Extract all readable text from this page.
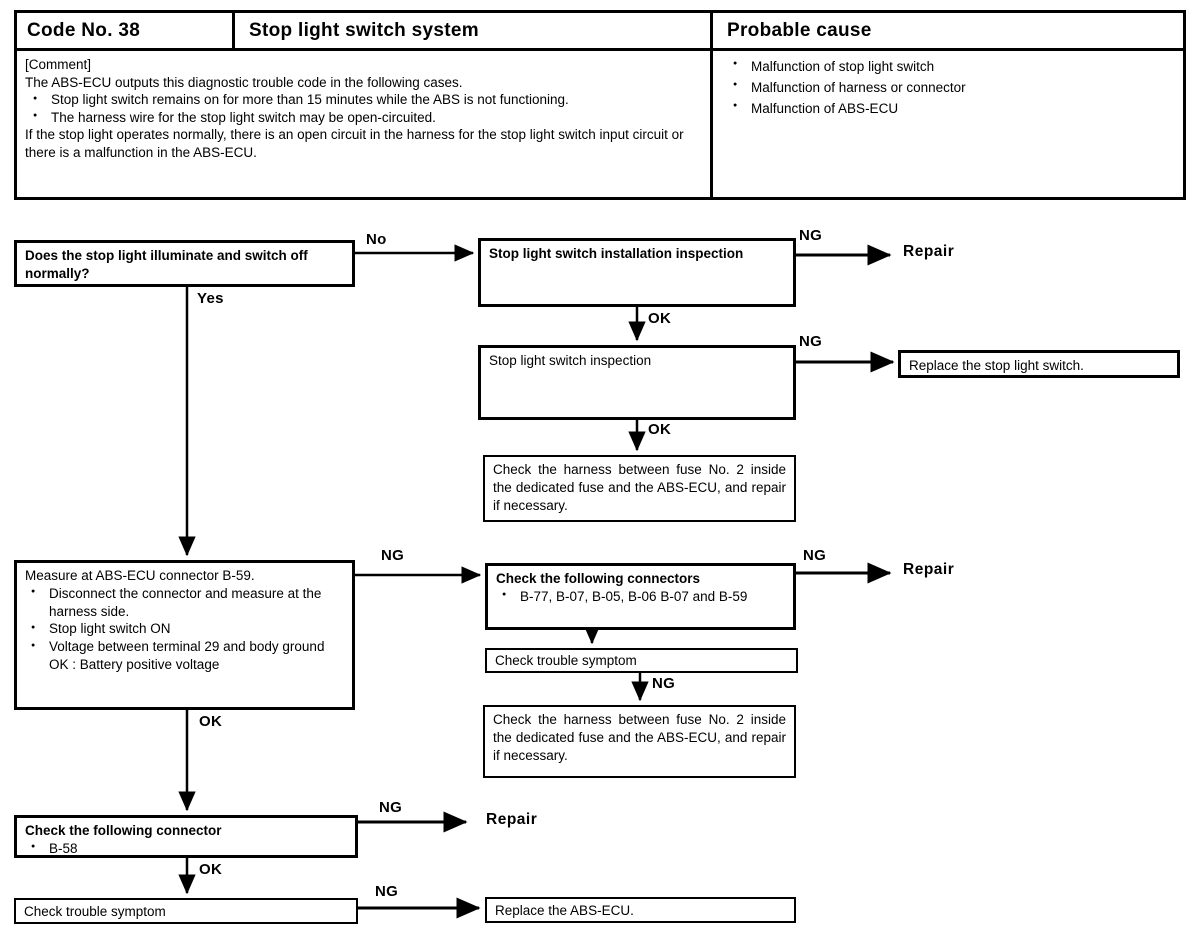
Code No. 38	Stop light switch system	Probable cause
[Comment]
The ABS-ECU outputs this diagnostic trouble code in the following cases.
● Stop light switch remains on for more than 15 minutes while the ABS is not functioning.
● The harness wire for the stop light switch may be open-circuited.
If the stop light operates normally, there is an open circuit in the harness for the stop light switch input circuit or there is a malfunction in the ABS-ECU.
● Malfunction of stop light switch
● Malfunction of harness or connector
● Malfunction of ABS-ECU
Does the stop light illuminate and switch off normally?
Stop light switch installation inspection
Stop light switch inspection
Check the harness between fuse No. 2 inside the dedicated fuse and the ABS-ECU, and repair if necessary.
Measure at ABS-ECU connector B-59.
● Disconnect the connector and measure at the harness side.
● Stop light switch ON
● Voltage between terminal 29 and body ground
OK : Battery positive voltage
Check the following connectors
● B-77, B-07, B-05, B-06 B-07 and B-59
Check trouble symptom
Check the harness between fuse No. 2 inside the dedicated fuse and the ABS-ECU, and repair if necessary.
Check the following connector
● B-58
Check trouble symptom	Replace the ABS-ECU.
Replace the stop light switch.
No
Yes
OK
NG
Repair
NG
OK
NG	NG
Repair
NG
OK
NG
Repair
OK
NG
